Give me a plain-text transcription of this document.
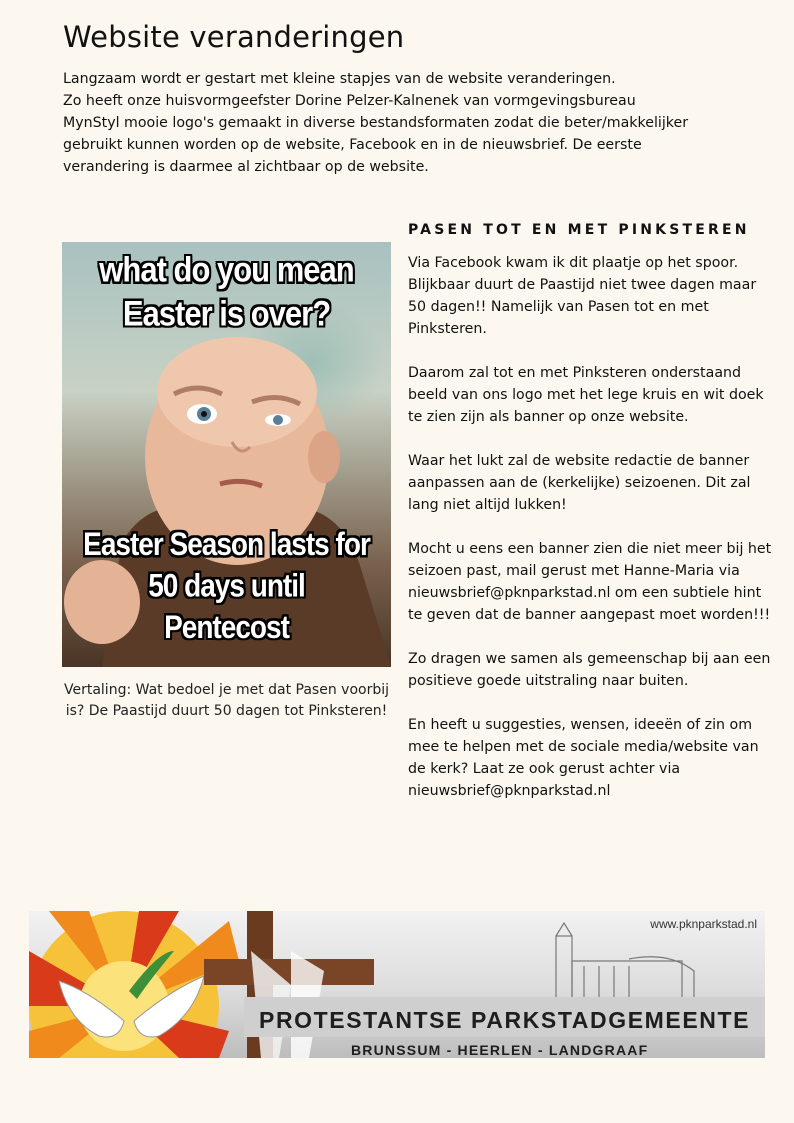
Website veranderingen

Langzaam wordt er gestart met kleine stapjes van de website veranderingen.
Zo heeft onze huisvormgeefster Dorine Pelzer-Kalnenek van vormgevingsbureau
MynStyl mooie logo's gemaakt in diverse bestandsformaten zodat die beter/makkelijker
gebruikt kunnen worden op de website, Facebook en in de nieuwsbrief. De eerste
verandering is daarmee al zichtbaar op de website.

what do you mean
Easter is over?
Easter Season lasts for
50 days until
Pentecost

Vertaling: Wat bedoel je met dat Pasen voorbij is? De Paastijd duurt 50 dagen tot Pinksteren!

PASEN TOT EN MET PINKSTEREN

Via Facebook kwam ik dit plaatje op het spoor. Blijkbaar duurt de Paastijd niet twee dagen maar 50 dagen!! Namelijk van Pasen tot en met Pinksteren.

Daarom zal tot en met Pinksteren onderstaand beeld van ons logo met het lege kruis en wit doek te zien zijn als banner op onze website.

Waar het lukt zal de website redactie de banner aanpassen aan de (kerkelijke) seizoenen. Dit zal lang niet altijd lukken!

Mocht u eens een banner zien die niet meer bij het seizoen past, mail gerust met Hanne-Maria via nieuwsbrief@pknparkstad.nl om een subtiele hint te geven dat de banner aangepast moet worden!!!

Zo dragen we samen als gemeenschap bij aan een positieve goede uitstraling naar buiten.

En heeft u suggesties, wensen, ideeën of zin om mee te helpen met de sociale media/website van de kerk? Laat ze ook gerust achter via nieuwsbrief@pknparkstad.nl

www.pknparkstad.nl
PROTESTANTSE PARKSTADGEMEENTE
BRUNSSUM - HEERLEN - LANDGRAAF
